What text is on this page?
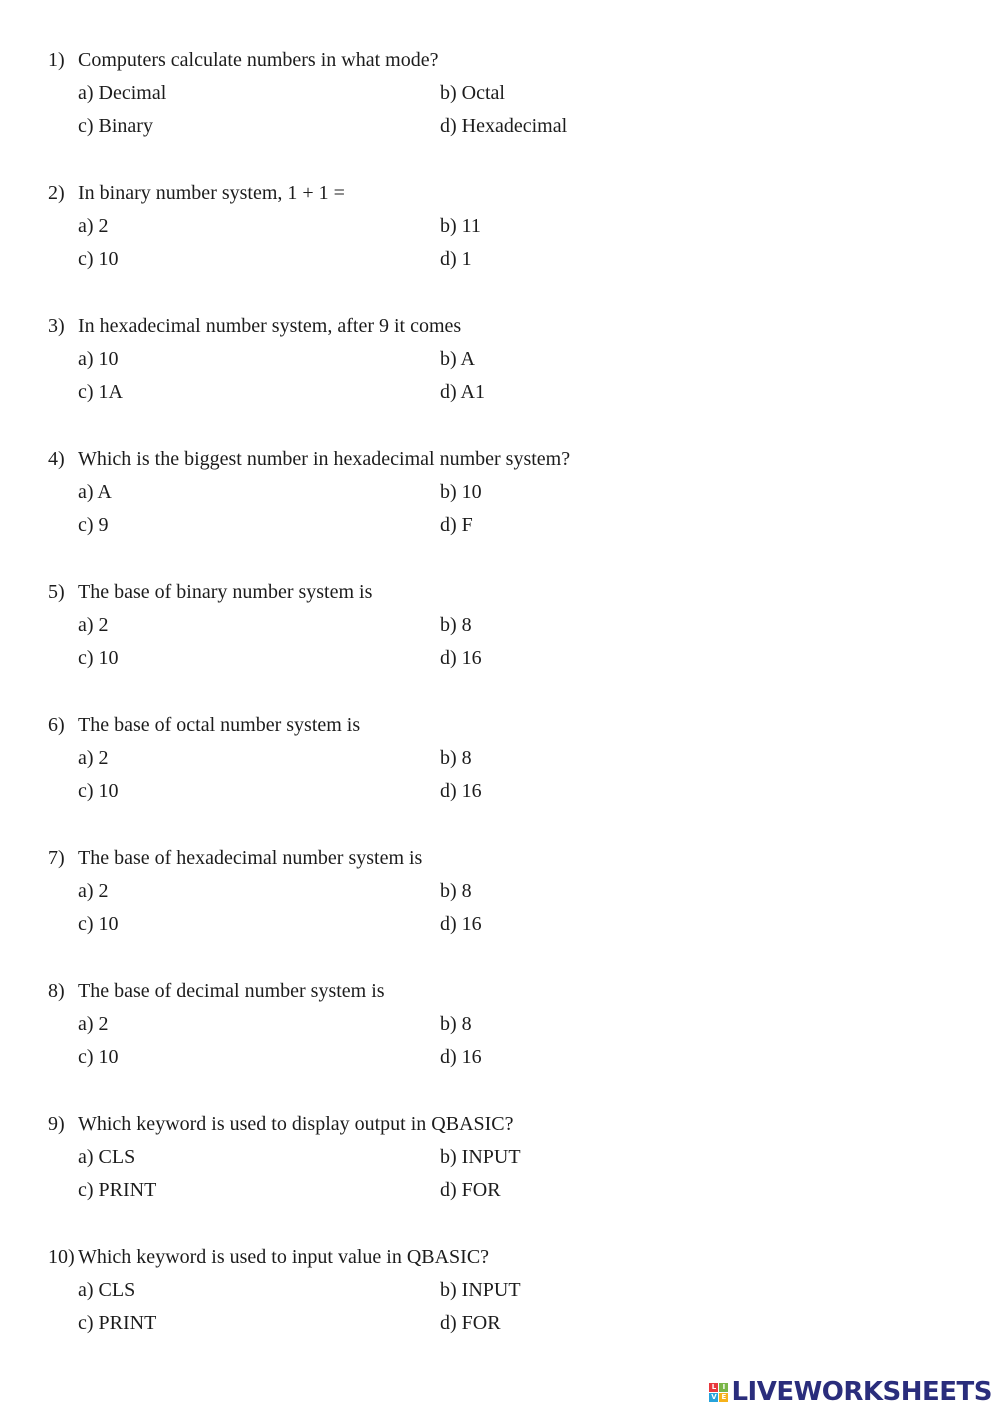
1) Computers calculate numbers in what mode?
a) Decimal	b) Octal
c) Binary	d) Hexadecimal
2) In binary number system, 1 + 1 =
a) 2	b) 11
c) 10	d) 1
3) In hexadecimal number system, after 9 it comes
a) 10	b) A
c) 1A	d) A1
4) Which is the biggest number in hexadecimal number system?
a) A	b) 10
c) 9	d) F
5) The base of binary number system is
a) 2	b) 8
c) 10	d) 16
6) The base of octal number system is
a) 2	b) 8
c) 10	d) 16
7) The base of hexadecimal number system is
a) 2	b) 8
c) 10	d) 16
8) The base of decimal number system is
a) 2	b) 8
c) 10	d) 16
9) Which keyword is used to display output in QBASIC?
a) CLS	b) INPUT
c) PRINT	d) FOR
10) Which keyword is used to input value in QBASIC?
a) CLS	b) INPUT
c) PRINT	d) FOR
L I
V E LIVEWORKSHEETS
